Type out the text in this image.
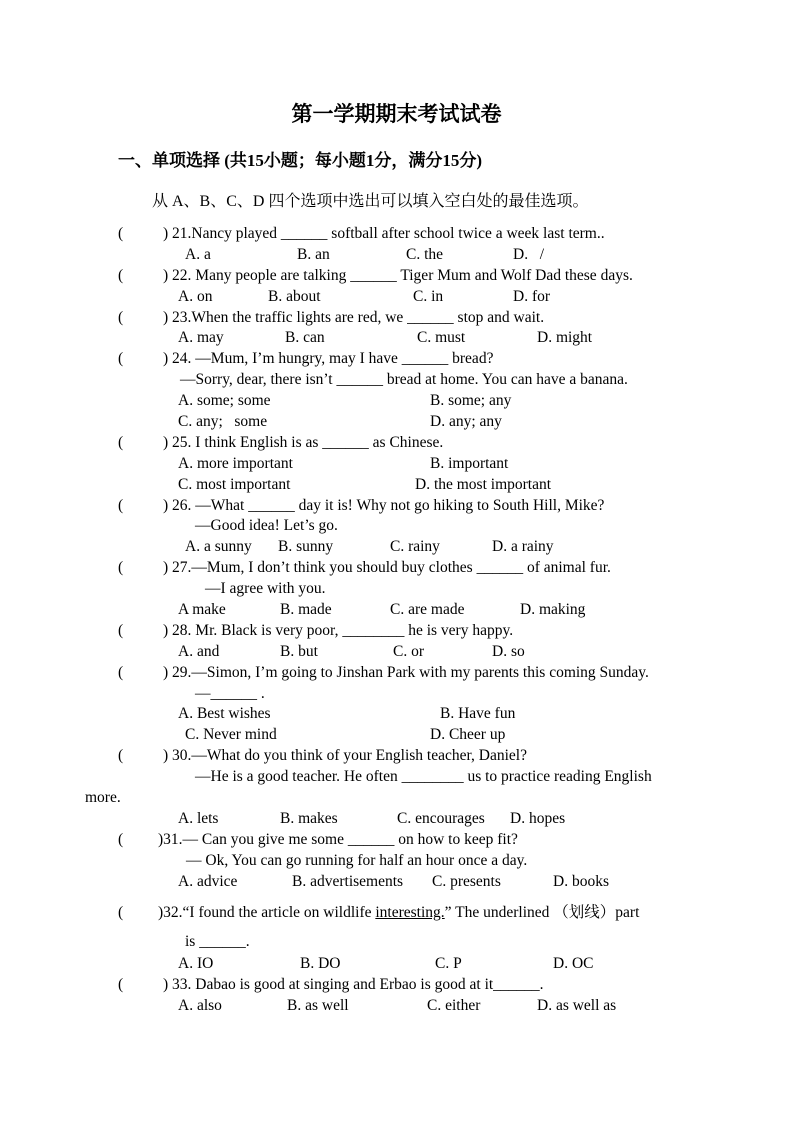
第一学期期末考试试卷
一、单项选择 (共15小题；每小题1分，满分15分)
从 A、B、C、D 四个选项中选出可以填入空白处的最佳选项。
(	) 21.Nancy played ______ softball after school twice a week last term..
A. a	B. an	C. the	D.   /
(	) 22. Many people are talking ______ Tiger Mum and Wolf Dad these days.
A. on	B. about	C. in	D. for
(	) 23.When the traffic lights are red, we ______ stop and wait.
A. may	B. can	C. must	D. might
(	) 24. —Mum, I’m hungry, may I have ______ bread?
—Sorry, dear, there isn’t ______ bread at home. You can have a banana.
A. some; some	B. some; any
C. any;   some	D. any; any
(	) 25. I think English is as ______ as Chinese.
A. more important	B. important
C. most important	D. the most important
(	) 26. —What ______ day it is! Why not go hiking to South Hill, Mike?
—Good idea! Let’s go.
A. a sunny B. sunny	C. rainy	D. a rainy
(	) 27.—Mum, I don’t think you should buy clothes ______ of animal fur.
—I agree with you.
A make	B. made	C. are made	D. making
(	) 28. Mr. Black is very poor, ________ he is very happy.
A. and	B. but	C. or	D. so
(	) 29.—Simon, I’m going to Jinshan Park with my parents this coming Sunday.
—______ .
A. Best wishes	B. Have fun
C. Never mind	D. Cheer up
(	) 30.—What do you think of your English teacher, Daniel?
—He is a good teacher. He often ________ us to practice reading English
more.
A. lets	B. makes	C. encourages D. hopes
( )31.— Can you give me some ______ on how to keep fit?
— Ok, You can go running for half an hour once a day.
A. advice	B. advertisements C. presents	D. books
( )32.“I found the article on wildlife interesting.” The underlined （划线）part
is ______.
A. IO	B. DO	C. P	D. OC
(	) 33. Dabao is good at singing and Erbao is good at it______.
A. also	B. as well	C. either	D. as well as
